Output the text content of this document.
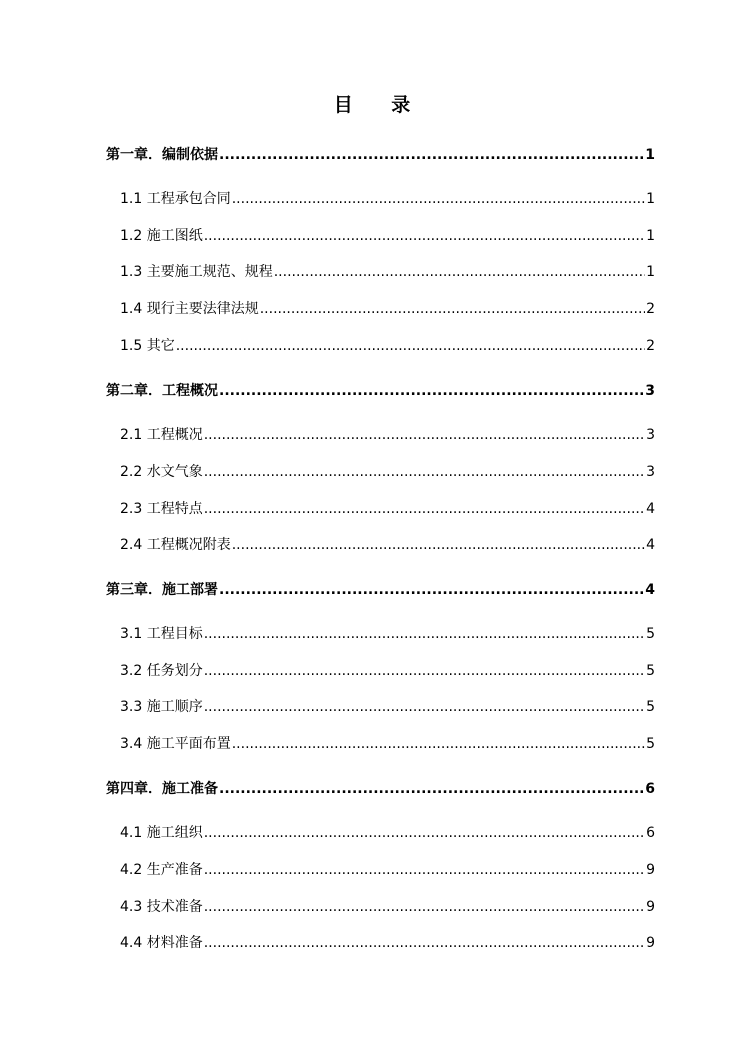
目 录
第一章．编制依据 .....	1
1.1 工程承包合同 .....	1
1.2 施工图纸 .....	1
1.3 主要施工规范、规程 .....	1
1.4 现行主要法律法规 .....	2
1.5 其它 .....	2
第二章．工程概况 .....	3
2.1 工程概况 .....	3
2.2 水文气象 .....	3
2.3 工程特点 .....	4
2.4 工程概况附表 .....	4
第三章．施工部署 .....	4
3.1 工程目标 .....	5
3.2 任务划分 .....	5
3.3 施工顺序 .....	5
3.4 施工平面布置 .....	5
第四章．施工准备 .....	6
4.1 施工组织 .....	6
4.2 生产准备 .....	9
4.3 技术准备 .....	9
4.4 材料准备 .....	9
